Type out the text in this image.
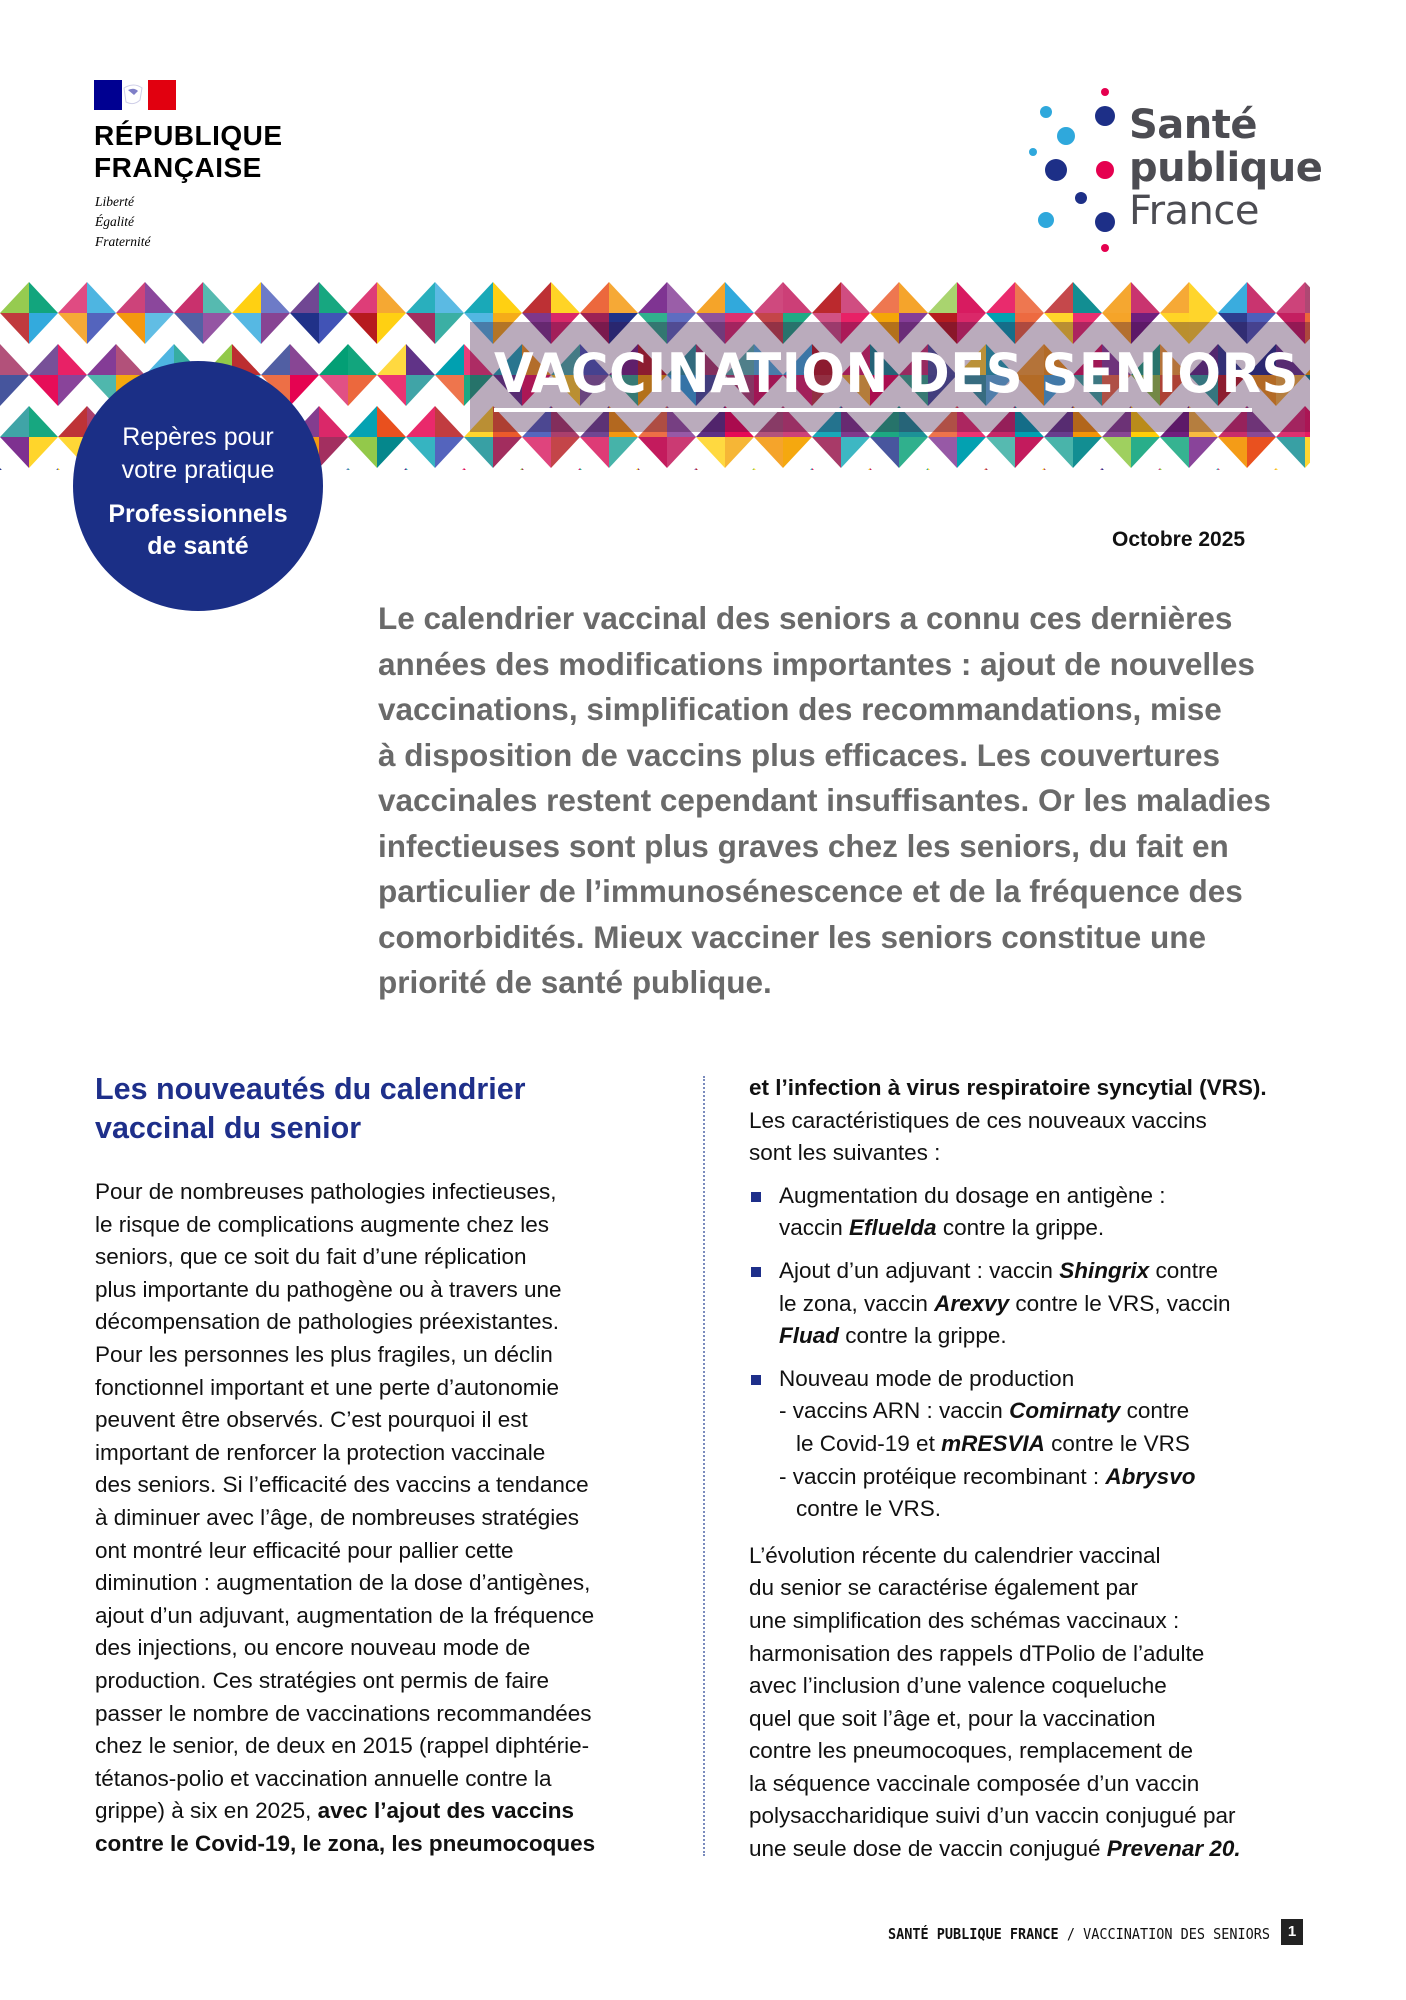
RÉPUBLIQUE
FRANÇAISE
Liberté
Égalité
Fraternité
Santé
publique
France
VACCINATION DES SENIORS
Repères pour
votre pratique
Professionnels
de santé	Octobre 2025
Le calendrier vaccinal des seniors a connu ces dernières
années des modifications importantes : ajout de nouvelles
vaccinations, simplification des recommandations, mise
à disposition de vaccins plus efficaces. Les couvertures
vaccinales restent cependant insuffisantes. Or les maladies
infectieuses sont plus graves chez les seniors, du fait en
particulier de l’immunosénescence et de la fréquence des
comorbidités. Mieux vacciner les seniors constitue une
priorité de santé publique.
Les nouveautés du calendrier
vaccinal du senior
Pour de nombreuses pathologies infectieuses,
le risque de complications augmente chez les
seniors, que ce soit du fait d’une réplication
plus importante du pathogène ou à travers une
décompensation de pathologies préexistantes.
Pour les personnes les plus fragiles, un déclin
fonctionnel important et une perte d’autonomie
peuvent être observés. C’est pourquoi il est
important de renforcer la protection vaccinale
des seniors. Si l’efficacité des vaccins a tendance
à diminuer avec l’âge, de nombreuses stratégies
ont montré leur efficacité pour pallier cette
diminution : augmentation de la dose d’antigènes,
ajout d’un adjuvant, augmentation de la fréquence
des injections, ou encore nouveau mode de
production. Ces stratégies ont permis de faire
passer le nombre de vaccinations recommandées
chez le senior, de deux en 2015 (rappel diphtérie-
tétanos-polio et vaccination annuelle contre la
grippe) à six en 2025, avec l’ajout des vaccins
contre le Covid-19, le zona, les pneumocoques
et l’infection à virus respiratoire syncytial (VRS).
Les caractéristiques de ces nouveaux vaccins
sont les suivantes :
Augmentation du dosage en antigène :
vaccin Efluelda contre la grippe.
Ajout d’un adjuvant : vaccin Shingrix contre
le zona, vaccin Arexvy contre le VRS, vaccin
Fluad contre la grippe.
Nouveau mode de production
- vaccins ARN : vaccin Comirnaty contre
le Covid-19 et mRESVIA contre le VRS
- vaccin protéique recombinant : Abrysvo
contre le VRS.
L’évolution récente du calendrier vaccinal
du senior se caractérise également par
une simplification des schémas vaccinaux :
harmonisation des rappels dTPolio de l’adulte
avec l’inclusion d’une valence coqueluche
quel que soit l’âge et, pour la vaccination
contre les pneumocoques, remplacement de
la séquence vaccinale composée d’un vaccin
polysaccharidique suivi d’un vaccin conjugué par
une seule dose de vaccin conjugué Prevenar 20.
SANTÉ PUBLIQUE FRANCE / VACCINATION DES SENIORS	1
